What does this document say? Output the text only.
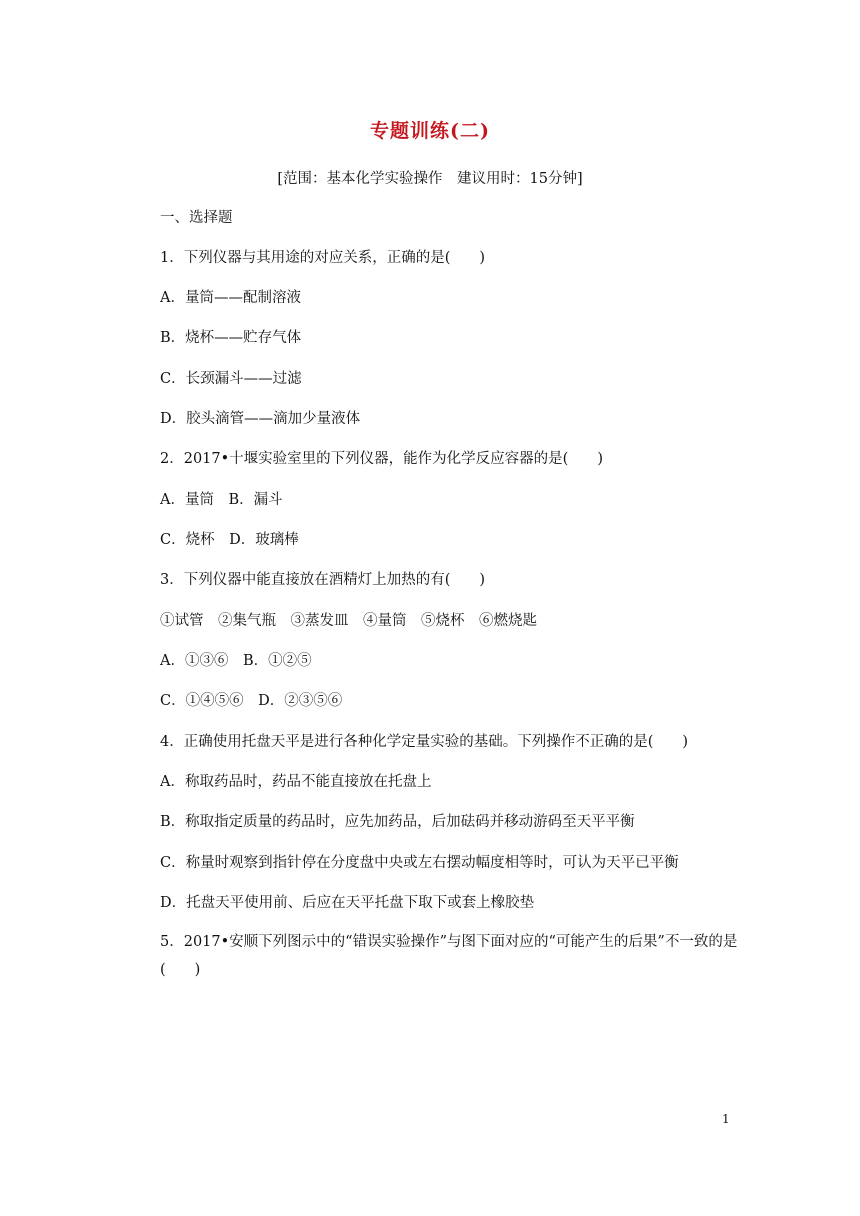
专题训练(二)
[范围：基本化学实验操作　建议用时：15分钟]
一、选择题
1．下列仪器与其用途的对应关系，正确的是(　　)
A．量筒——配制溶液
B．烧杯——贮存气体
C．长颈漏斗——过滤
D．胶头滴管——滴加少量液体
2．2017•十堰实验室里的下列仪器，能作为化学反应容器的是(　　)
A．量筒　B．漏斗
C．烧杯　D．玻璃棒
3．下列仪器中能直接放在酒精灯上加热的有(　　)
①试管　②集气瓶　③蒸发皿　④量筒　⑤烧杯　⑥燃烧匙
A．①③⑥　B．①②⑤
C．①④⑤⑥　D．②③⑤⑥
4．正确使用托盘天平是进行各种化学定量实验的基础。下列操作不正确的是(　　)
A．称取药品时，药品不能直接放在托盘上
B．称取指定质量的药品时，应先加药品，后加砝码并移动游码至天平平衡
C．称量时观察到指针停在分度盘中央或左右摆动幅度相等时，可认为天平已平衡
D．托盘天平使用前、后应在天平托盘下取下或套上橡胶垫
5．2017•安顺下列图示中的“错误实验操作”与图下面对应的“可能产生的后果”不一致的是(　　)
1
